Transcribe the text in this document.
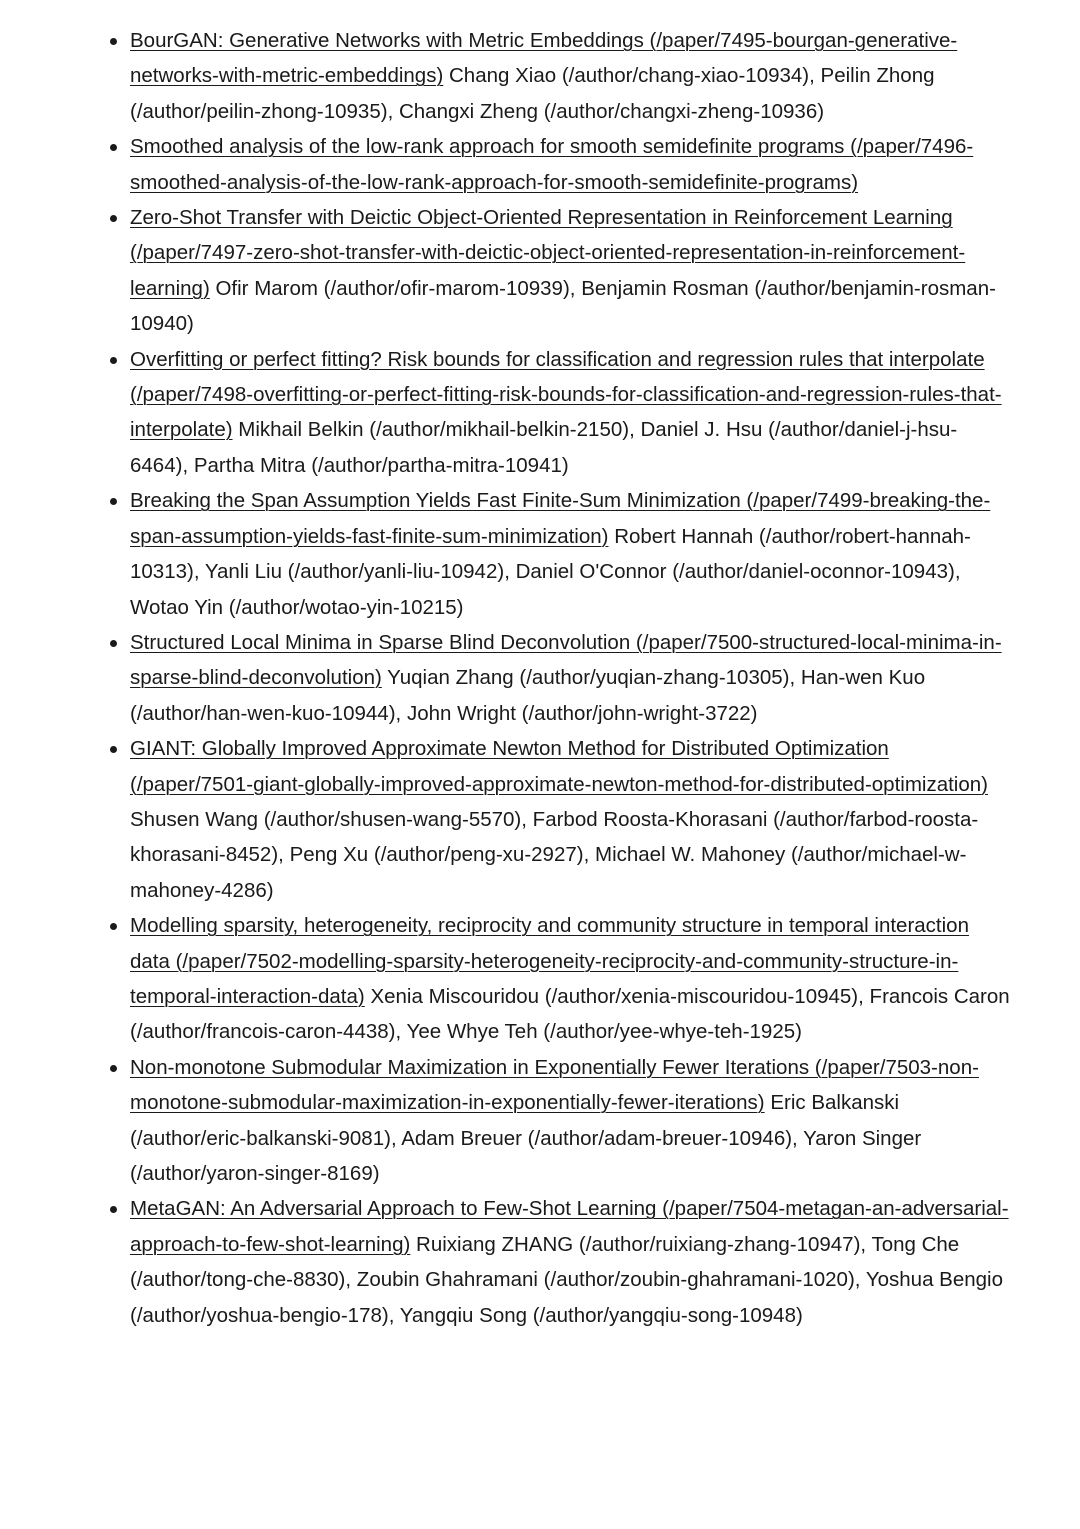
BourGAN: Generative Networks with Metric Embeddings (/paper/7495-bourgan-generative-networks-with-metric-embeddings) Chang Xiao (/author/chang-xiao-10934), Peilin Zhong (/author/peilin-zhong-10935), Changxi Zheng (/author/changxi-zheng-10936)
Smoothed analysis of the low-rank approach for smooth semidefinite programs (/paper/7496-smoothed-analysis-of-the-low-rank-approach-for-smooth-semidefinite-programs)
Zero-Shot Transfer with Deictic Object-Oriented Representation in Reinforcement Learning (/paper/7497-zero-shot-transfer-with-deictic-object-oriented-representation-in-reinforcement-learning) Ofir Marom (/author/ofir-marom-10939), Benjamin Rosman (/author/benjamin-rosman-10940)
Overfitting or perfect fitting? Risk bounds for classification and regression rules that interpolate (/paper/7498-overfitting-or-perfect-fitting-risk-bounds-for-classification-and-regression-rules-that-interpolate) Mikhail Belkin (/author/mikhail-belkin-2150), Daniel J. Hsu (/author/daniel-j-hsu-6464), Partha Mitra (/author/partha-mitra-10941)
Breaking the Span Assumption Yields Fast Finite-Sum Minimization (/paper/7499-breaking-the-span-assumption-yields-fast-finite-sum-minimization) Robert Hannah (/author/robert-hannah-10313), Yanli Liu (/author/yanli-liu-10942), Daniel O'Connor (/author/daniel-oconnor-10943), Wotao Yin (/author/wotao-yin-10215)
Structured Local Minima in Sparse Blind Deconvolution (/paper/7500-structured-local-minima-in-sparse-blind-deconvolution) Yuqian Zhang (/author/yuqian-zhang-10305), Han-wen Kuo (/author/han-wen-kuo-10944), John Wright (/author/john-wright-3722)
GIANT: Globally Improved Approximate Newton Method for Distributed Optimization (/paper/7501-giant-globally-improved-approximate-newton-method-for-distributed-optimization) Shusen Wang (/author/shusen-wang-5570), Farbod Roosta-Khorasani (/author/farbod-roosta-khorasani-8452), Peng Xu (/author/peng-xu-2927), Michael W. Mahoney (/author/michael-w-mahoney-4286)
Modelling sparsity, heterogeneity, reciprocity and community structure in temporal interaction data (/paper/7502-modelling-sparsity-heterogeneity-reciprocity-and-community-structure-in-temporal-interaction-data) Xenia Miscouridou (/author/xenia-miscouridou-10945), Francois Caron (/author/francois-caron-4438), Yee Whye Teh (/author/yee-whye-teh-1925)
Non-monotone Submodular Maximization in Exponentially Fewer Iterations (/paper/7503-non-monotone-submodular-maximization-in-exponentially-fewer-iterations) Eric Balkanski (/author/eric-balkanski-9081), Adam Breuer (/author/adam-breuer-10946), Yaron Singer (/author/yaron-singer-8169)
MetaGAN: An Adversarial Approach to Few-Shot Learning (/paper/7504-metagan-an-adversarial-approach-to-few-shot-learning) Ruixiang ZHANG (/author/ruixiang-zhang-10947), Tong Che (/author/tong-che-8830), Zoubin Ghahramani (/author/zoubin-ghahramani-1020), Yoshua Bengio (/author/yoshua-bengio-178), Yangqiu Song (/author/yangqiu-song-10948)
